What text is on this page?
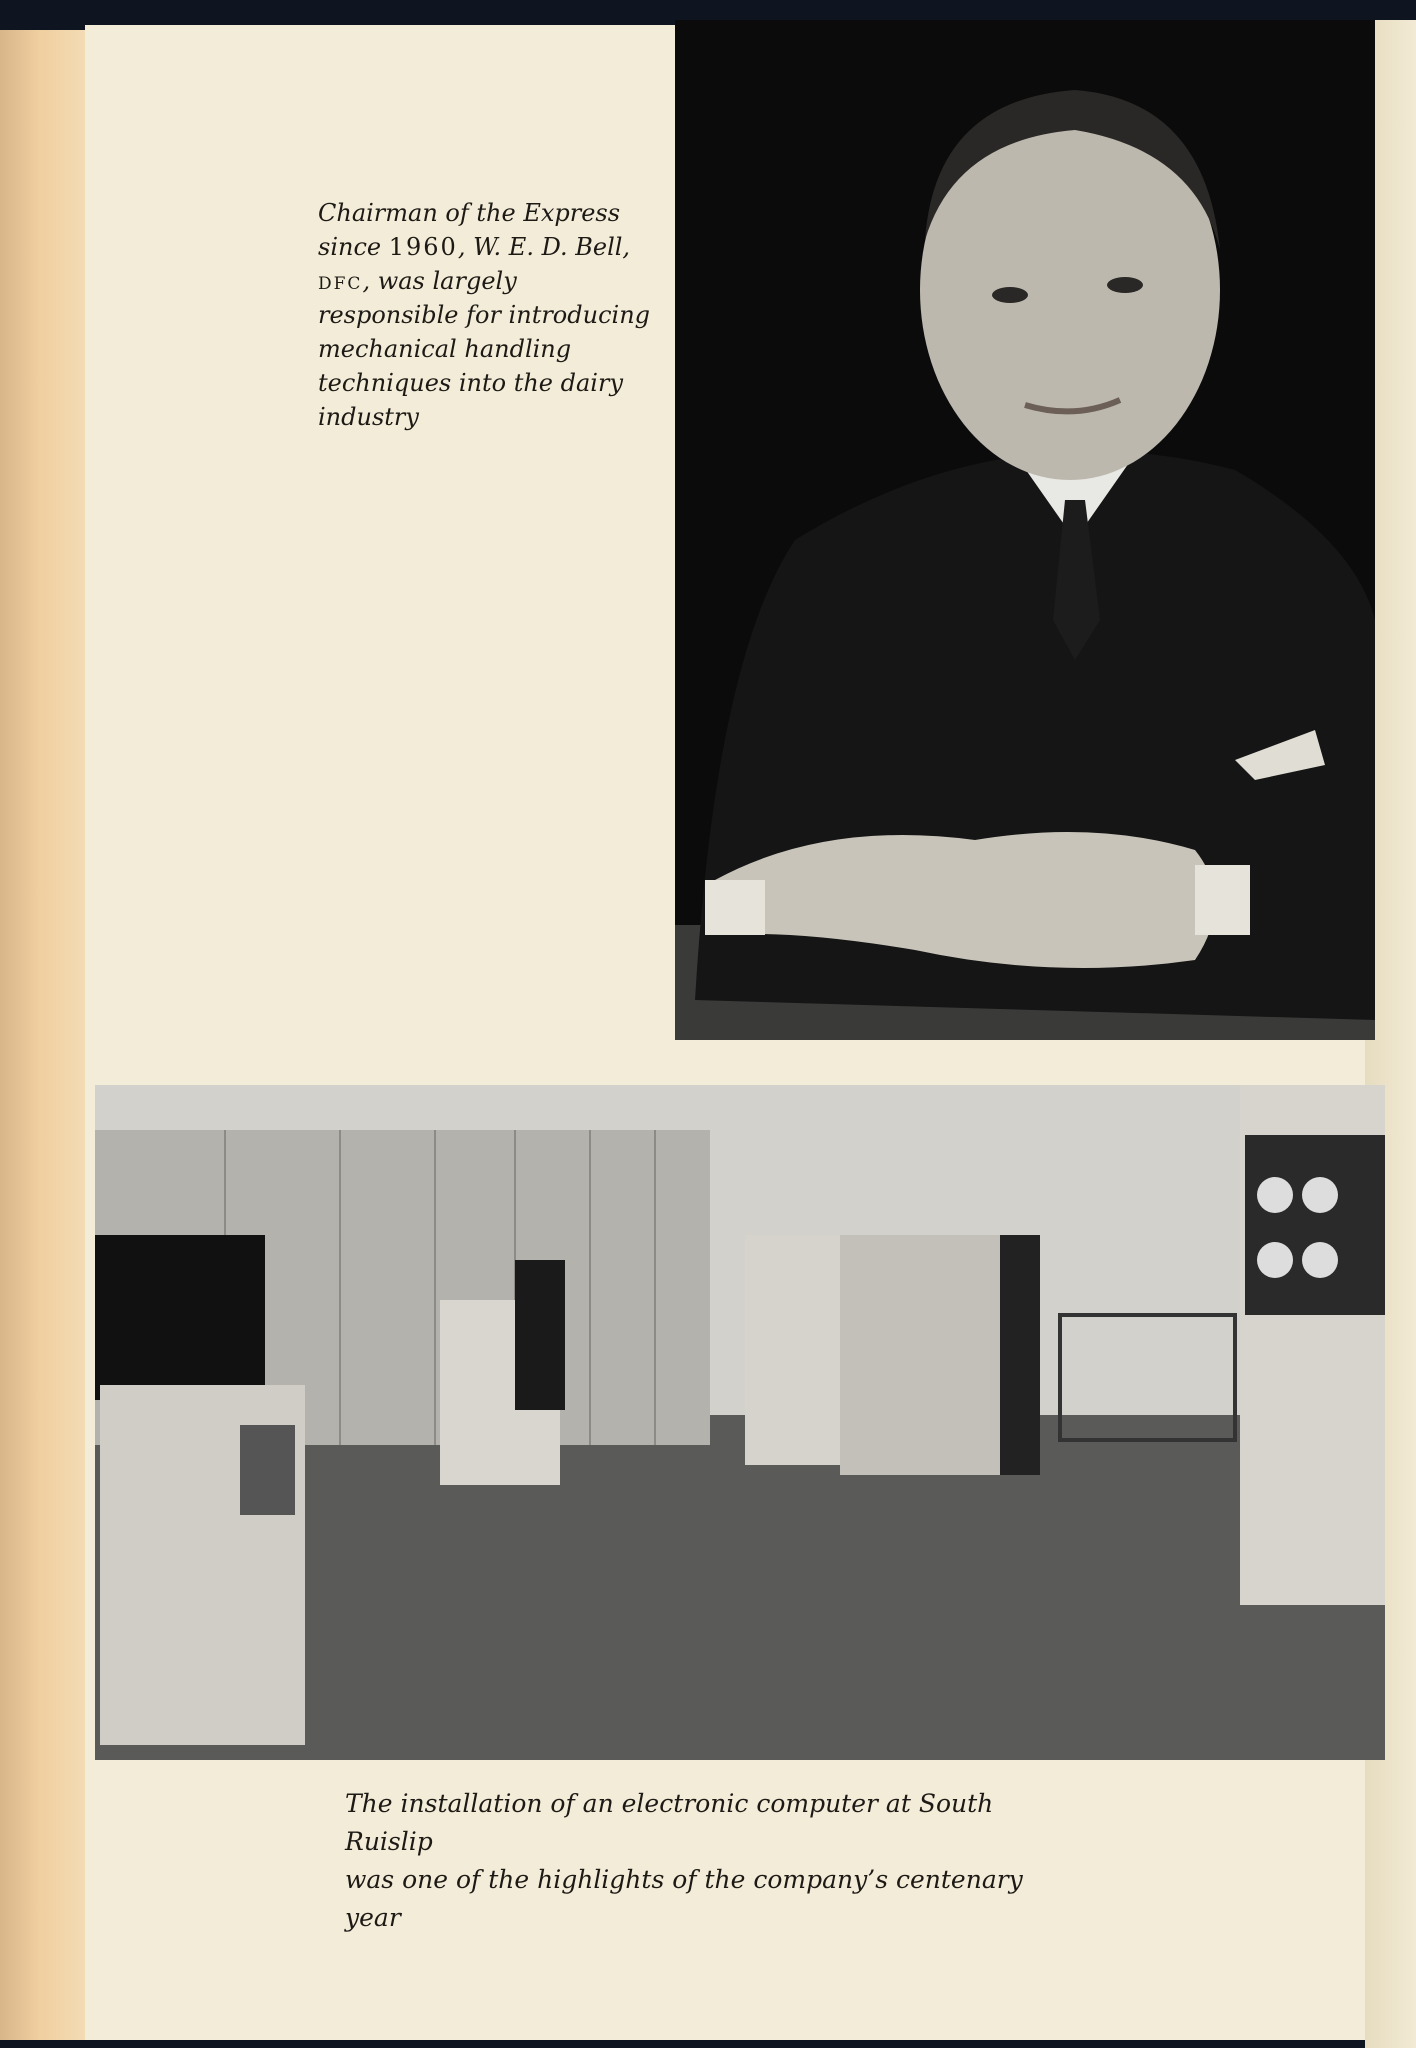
Chairman of the Express
since 1960, W. E. D. Bell,
dfc, was largely
responsible for introducing
mechanical handling
techniques into the dairy
industry
The installation of an electronic computer at South Ruislip
was one of the highlights of the company’s centenary year
